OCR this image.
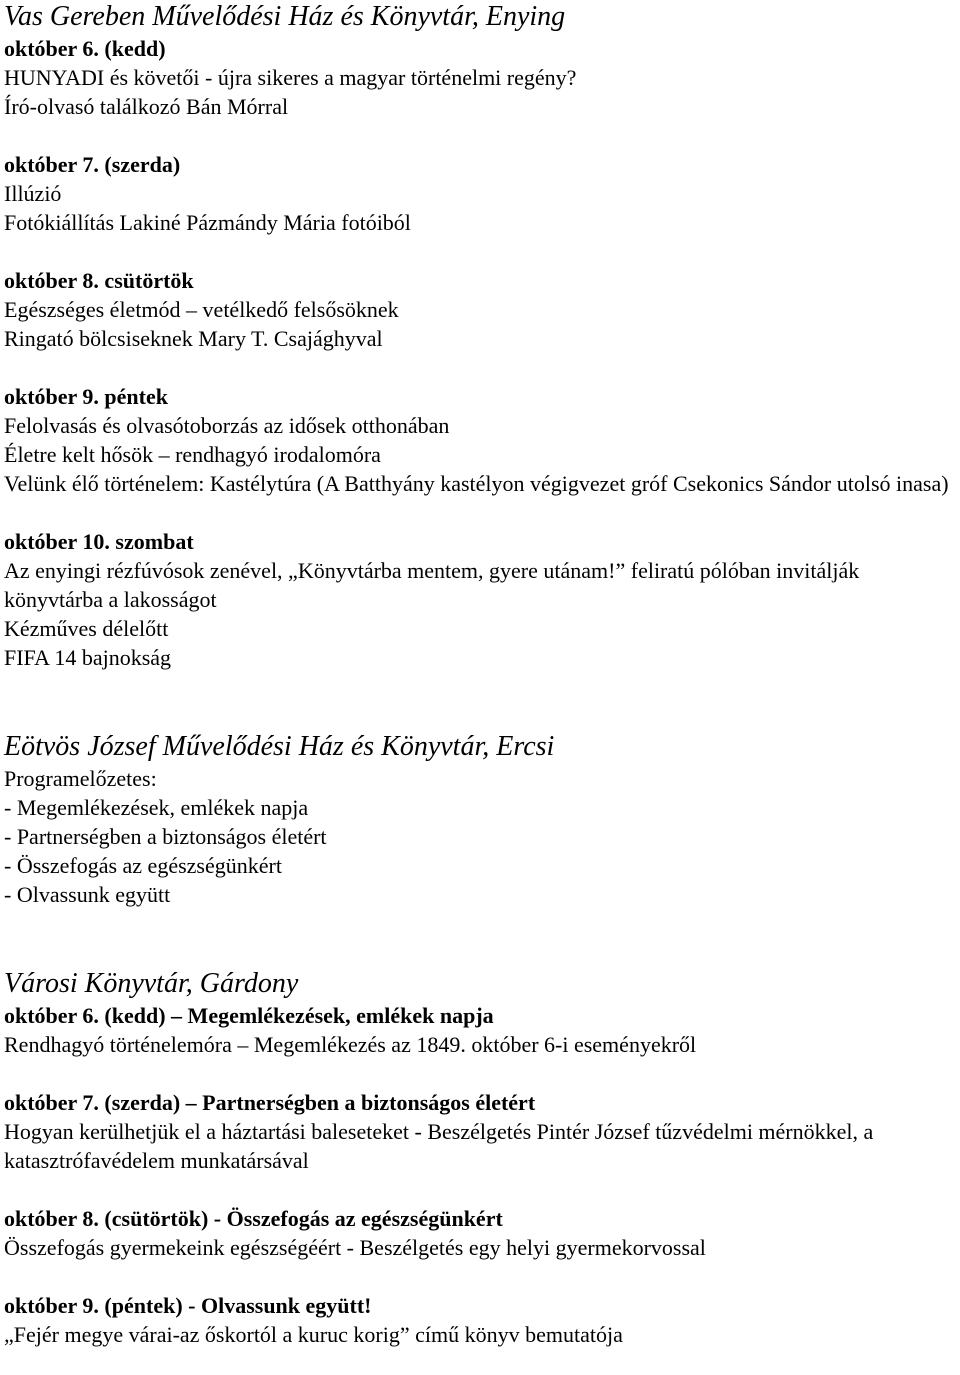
Vas Gereben Művelődési Ház és Könyvtár, Enying
október 6. (kedd)
HUNYADI és követői - újra sikeres a magyar történelmi regény?
Író-olvasó találkozó Bán Mórral
október 7. (szerda)
Illúzió
Fotókiállítás Lakiné Pázmándy Mária fotóiból
október 8. csütörtök
Egészséges életmód – vetélkedő felsősöknek
Ringató bölcsiseknek Mary T. Csajághyval
október 9. péntek
Felolvasás és olvasótoborzás az idősek otthonában
Életre kelt hősök – rendhagyó irodalomóra
Velünk élő történelem: Kastélytúra (A Batthyány kastélyon végigvezet gróf Csekonics Sándor utolsó inasa)
október 10. szombat
Az enyingi rézfúvósok zenével, „Könyvtárba mentem, gyere utánam!” feliratú pólóban invitálják könyvtárba a lakosságot
Kézműves délelőtt
FIFA 14 bajnokság
Eötvös József Művelődési Ház és Könyvtár, Ercsi
Programelőzetes:
- Megemlékezések, emlékek napja
- Partnerségben a biztonságos életért
- Összefogás az egészségünkért
- Olvassunk együtt
Városi Könyvtár, Gárdony
október 6. (kedd) – Megemlékezések, emlékek napja
Rendhagyó történelemóra – Megemlékezés az 1849. október 6-i eseményekről
október 7. (szerda) – Partnerségben a biztonságos életért
Hogyan kerülhetjük el a háztartási baleseteket - Beszélgetés Pintér József tűzvédelmi mérnökkel, a katasztrófavédelem munkatársával
október 8. (csütörtök) - Összefogás az egészségünkért
Összefogás gyermekeink egészségéért - Beszélgetés egy helyi gyermekorvossal
október 9. (péntek) - Olvassunk együtt!
„Fejér megye várai-az őskortól a kuruc korig” című könyv bemutatója
